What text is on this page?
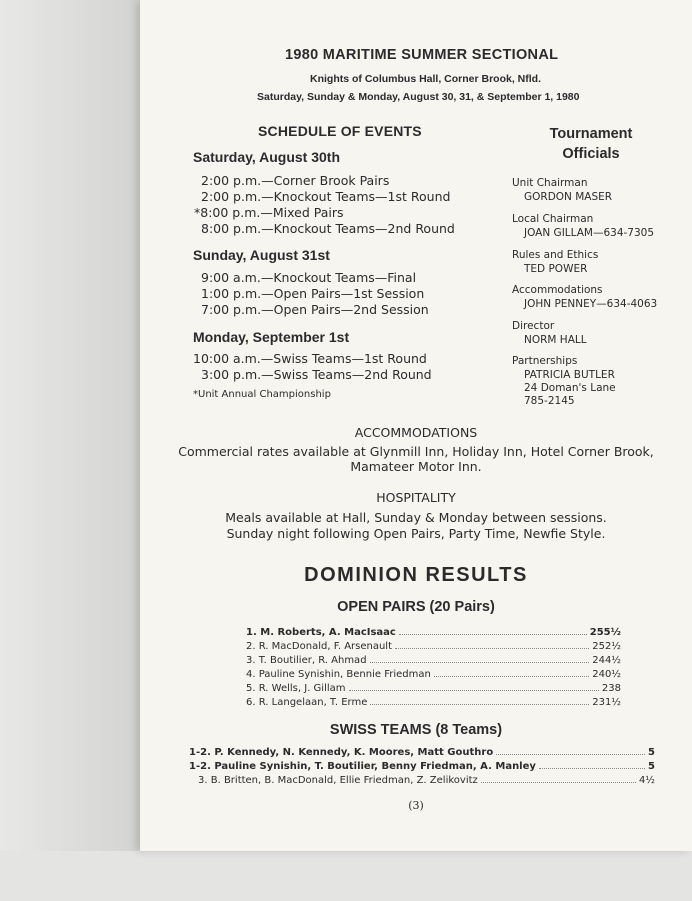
1980 MARITIME SUMMER SECTIONAL
Knights of Columbus Hall, Corner Brook, Nfld.
Saturday, Sunday & Monday, August 30, 31, & September 1, 1980
SCHEDULE OF EVENTS
Saturday, August 30th
2:00 p.m.—Corner Brook Pairs
2:00 p.m.—Knockout Teams—1st Round
*8:00 p.m.—Mixed Pairs
8:00 p.m.—Knockout Teams—2nd Round
Sunday, August 31st
9:00 a.m.—Knockout Teams—Final
1:00 p.m.—Open Pairs—1st Session
7:00 p.m.—Open Pairs—2nd Session
Monday, September 1st
10:00 a.m.—Swiss Teams—1st Round
3:00 p.m.—Swiss Teams—2nd Round
*Unit Annual Championship
Tournament
Officials
Unit Chairman
GORDON MASER
Local Chairman
JOAN GILLAM—634-7305
Rules and Ethics
TED POWER
Accommodations
JOHN PENNEY—634-4063
Director
NORM HALL
Partnerships
PATRICIA BUTLER
24 Doman's Lane
785-2145
ACCOMMODATIONS
Commercial rates available at Glynmill Inn, Holiday Inn, Hotel Corner Brook,
Mamateer Motor Inn.
HOSPITALITY
Meals available at Hall, Sunday & Monday between sessions.
Sunday night following Open Pairs, Party Time, Newfie Style.
DOMINION RESULTS
OPEN PAIRS (20 Pairs)
1. M. Roberts, A. MacIsaac	255½
2. R. MacDonald, F. Arsenault	252½
3. T. Boutilier, R. Ahmad	244½
4. Pauline Synishin, Bennie Friedman	240½
5. R. Wells, J. Gillam	238
6. R. Langelaan, T. Erme	231½
SWISS TEAMS (8 Teams)
1-2. P. Kennedy, N. Kennedy, K. Moores, Matt Gouthro	5
1-2. Pauline Synishin, T. Boutilier, Benny Friedman, A. Manley	5
3. B. Britten, B. MacDonald, Ellie Friedman, Z. Zelikovitz	4½
(3)
